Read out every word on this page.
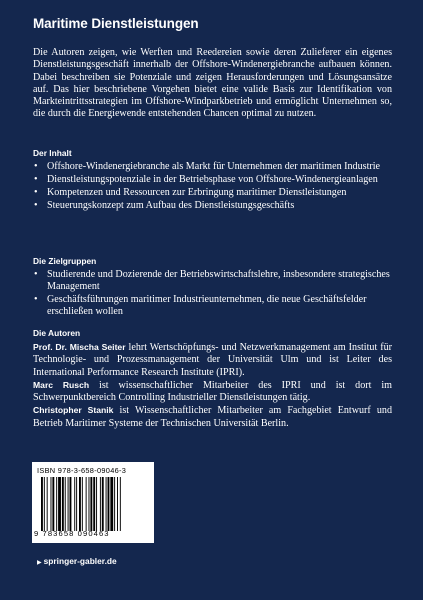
Maritime Dienstleistungen

Die Autoren zeigen, wie Werften und Reedereien sowie deren Zulieferer ein eigenes Dienstleistungsgeschäft innerhalb der Offshore-Windenergiebranche aufbauen können. Dabei beschreiben sie Potenziale und zeigen Herausforderungen und Lösungsansätze auf. Das hier beschriebene Vorgehen bietet eine valide Basis zur Identifikation von Markteintrittsstrategien im Offshore-Windparkbetrieb und ermöglicht Unternehmen so, die durch die Energiewende entstehenden Chancen optimal zu nutzen.

Der Inhalt
• Offshore-Windenergiebranche als Markt für Unternehmen der maritimen Industrie
• Dienstleistungspotenziale in der Betriebsphase von Offshore-Windenergieanlagen
• Kompetenzen und Ressourcen zur Erbringung maritimer Dienstleistungen
• Steuerungskonzept zum Aufbau des Dienstleistungsgeschäfts
Die Zielgruppen
• Studierende und Dozierende der Betriebswirtschaftslehre, insbesondere strategisches Management
• Geschäftsführungen maritimer Industrieunternehmen, die neue Geschäftsfelder erschließen wollen
Die Autoren

Prof. Dr. Mischa Seiter lehrt Wertschöpfungs- und Netzwerkmanagement am Institut für Technologie- und Prozessmanagement der Universität Ulm und ist Leiter des International Performance Research Institute (IPRI).

Marc Rusch ist wissenschaftlicher Mitarbeiter des IPRI und ist dort im Schwerpunktbereich Controlling Industrieller Dienstleistungen tätig.

Christopher Stanik ist Wissenschaftlicher Mitarbeiter am Fachgebiet Entwurf und Betrieb Maritimer Systeme der Technischen Universität Berlin.

ISBN 978-3-658-09046-3
9 783658 090463
▶ springer-gabler.de
